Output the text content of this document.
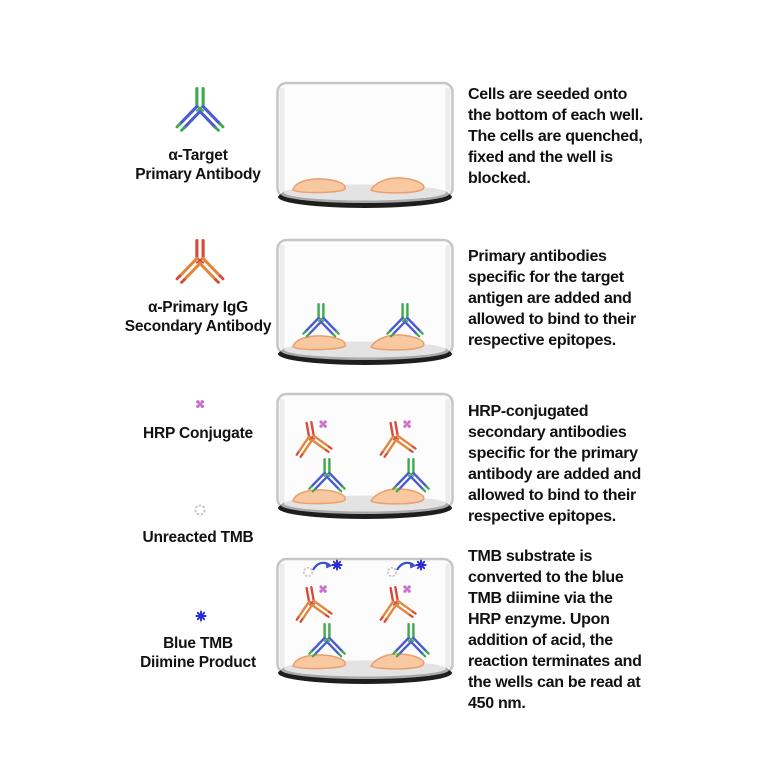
α-Target
Primary Antibody
Cells are seeded onto
the bottom of each well.
The cells are quenched,
fixed and the well is
blocked.
α-Primary IgG
Secondary Antibody
Primary antibodies
specific for the target
antigen are added and
allowed to bind to their
respective epitopes.
HRP Conjugate
Unreacted TMB
HRP-conjugated
secondary antibodies
specific for the primary
antibody are added and
allowed to bind to their
respective epitopes.
Blue TMB
Diimine Product
TMB substrate is
converted to the blue
TMB diimine via the
HRP enzyme. Upon
addition of acid, the
reaction terminates and
the wells can be read at
450 nm.
